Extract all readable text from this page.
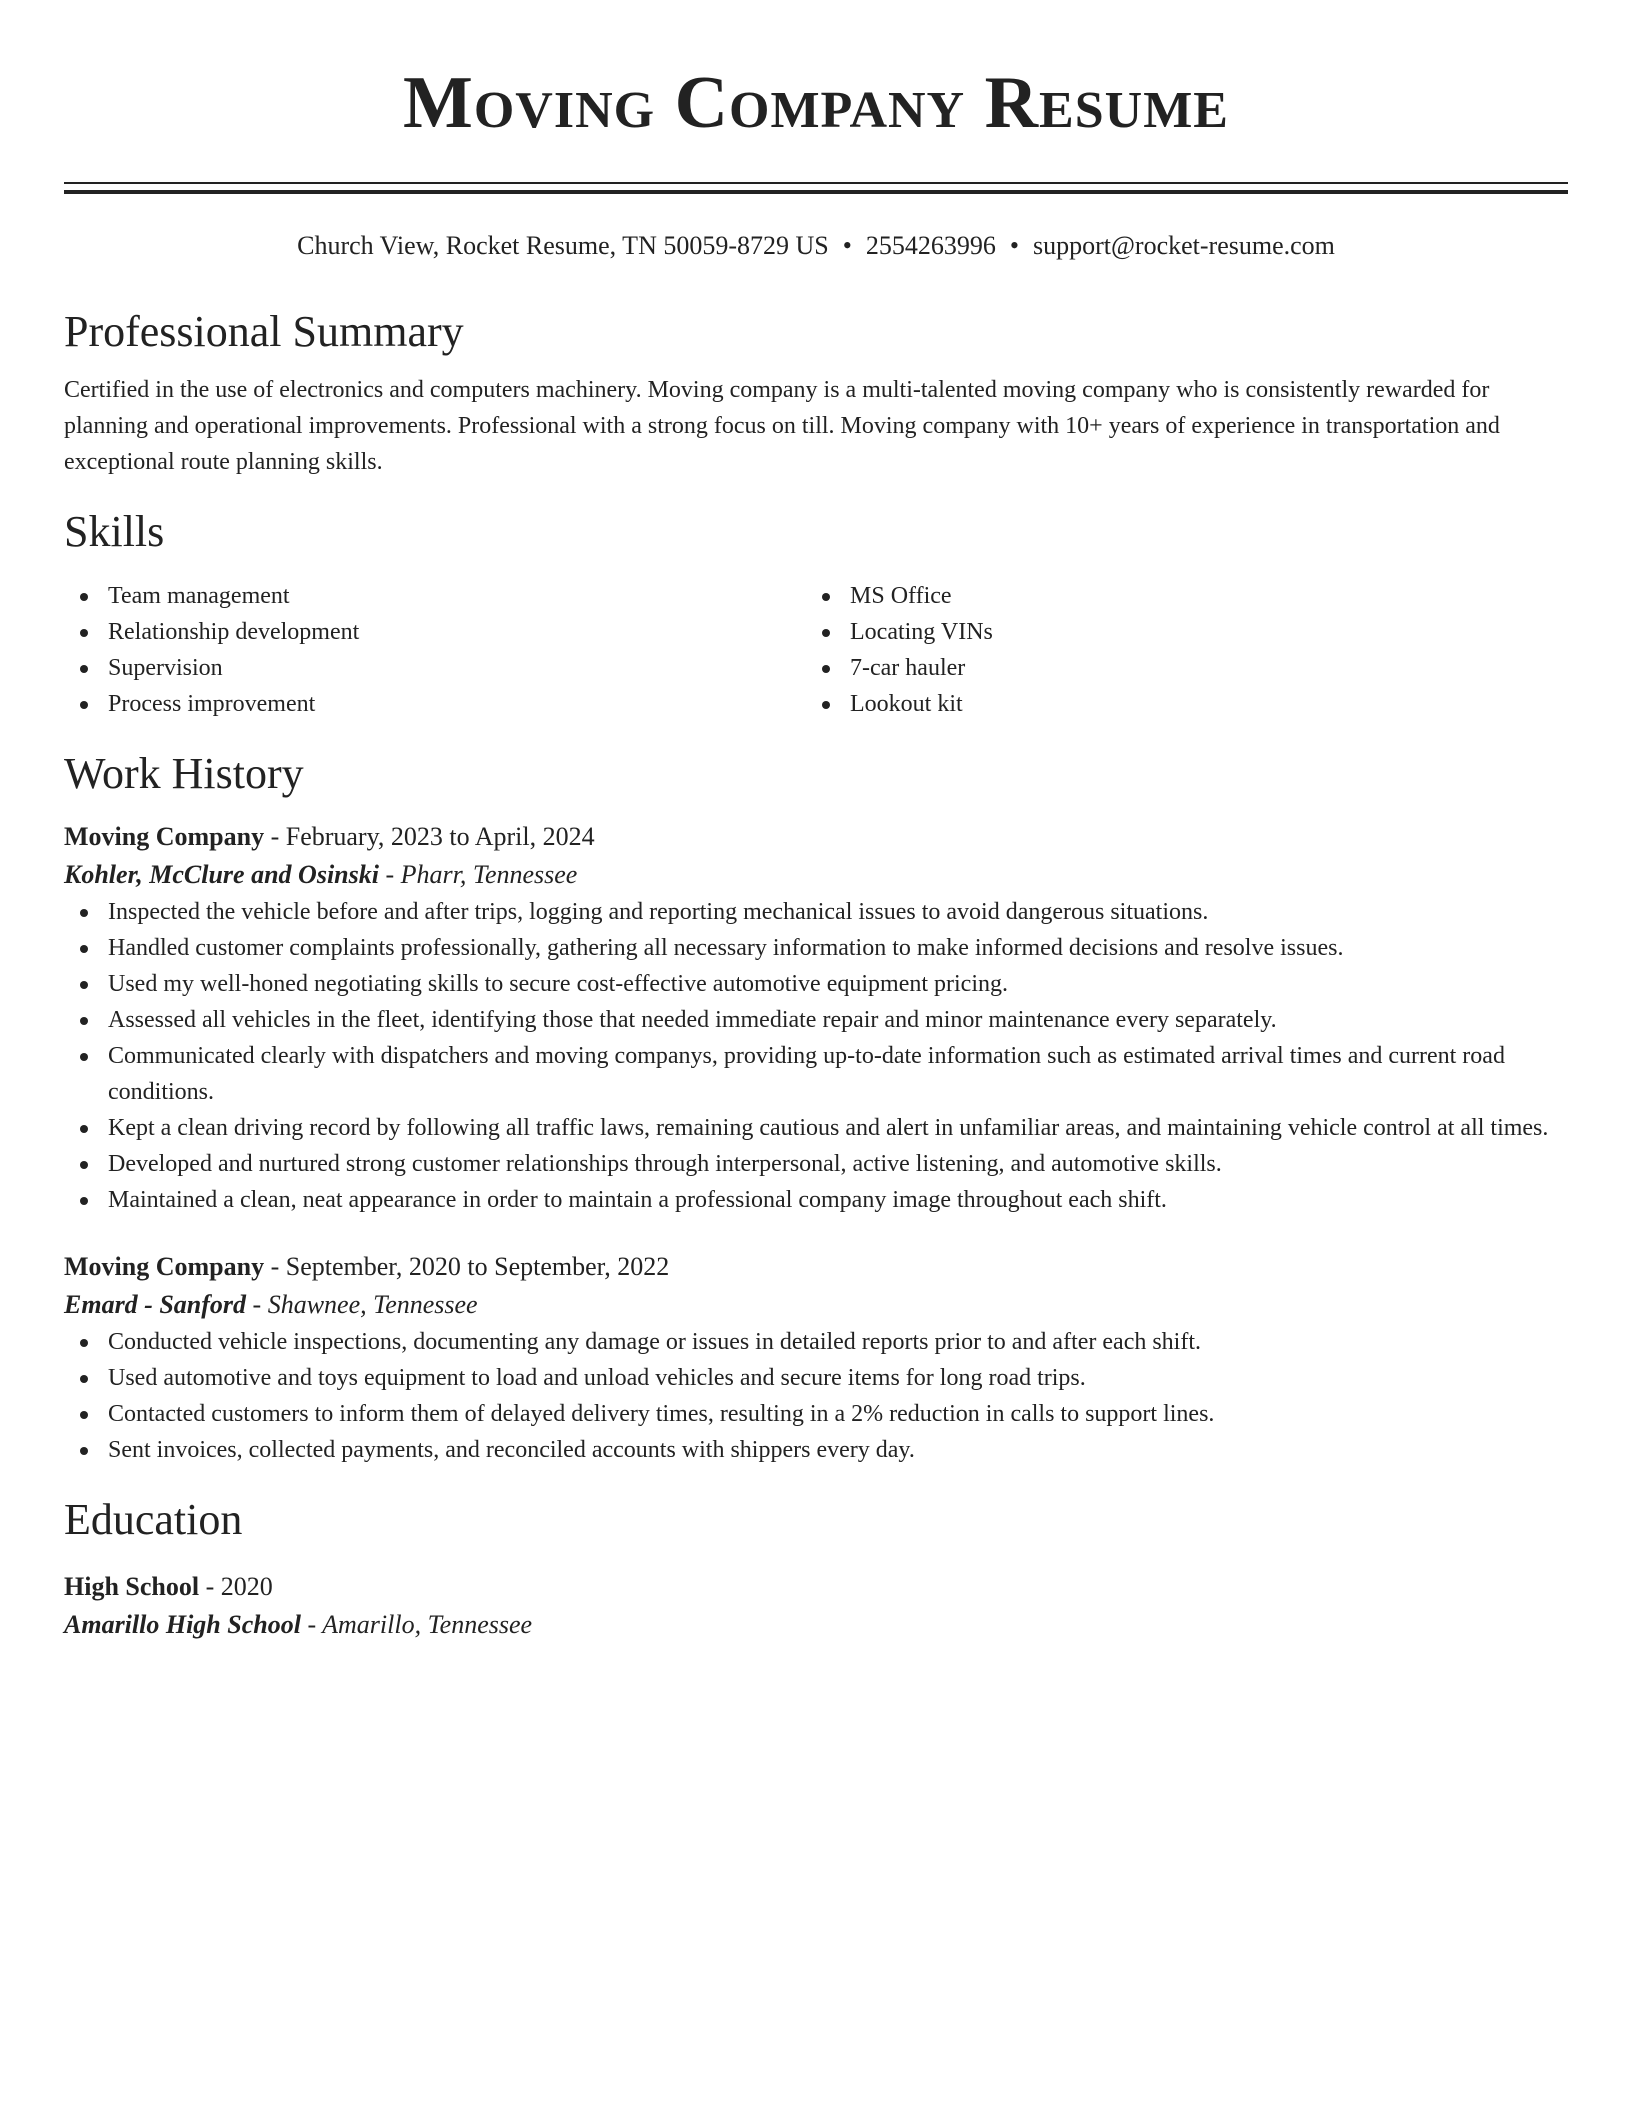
Moving Company Resume
Church View, Rocket Resume, TN 50059-8729 US • 2554263996 • support@rocket-resume.com
Professional Summary

Certified in the use of electronics and computers machinery. Moving company is a multi-talented moving company who is consistently rewarded for planning and operational improvements. Professional with a strong focus on till. Moving company with 10+ years of experience in transportation and exceptional route planning skills.

Skills
Team management
Relationship development
Supervision
Process improvement
MS Office
Locating VINs
7-car hauler
Lookout kit
Work History
Moving Company - February, 2023 to April, 2024
Kohler, McClure and Osinski - Pharr, Tennessee
Inspected the vehicle before and after trips, logging and reporting mechanical issues to avoid dangerous situations.
Handled customer complaints professionally, gathering all necessary information to make informed decisions and resolve issues.
Used my well-honed negotiating skills to secure cost-effective automotive equipment pricing.
Assessed all vehicles in the fleet, identifying those that needed immediate repair and minor maintenance every separately.
Communicated clearly with dispatchers and moving companys, providing up-to-date information such as estimated arrival times and current road conditions.
Kept a clean driving record by following all traffic laws, remaining cautious and alert in unfamiliar areas, and maintaining vehicle control at all times.
Developed and nurtured strong customer relationships through interpersonal, active listening, and automotive skills.
Maintained a clean, neat appearance in order to maintain a professional company image throughout each shift.
Moving Company - September, 2020 to September, 2022
Emard - Sanford - Shawnee, Tennessee
Conducted vehicle inspections, documenting any damage or issues in detailed reports prior to and after each shift.
Used automotive and toys equipment to load and unload vehicles and secure items for long road trips.
Contacted customers to inform them of delayed delivery times, resulting in a 2% reduction in calls to support lines.
Sent invoices, collected payments, and reconciled accounts with shippers every day.
Education
High School - 2020
Amarillo High School - Amarillo, Tennessee
